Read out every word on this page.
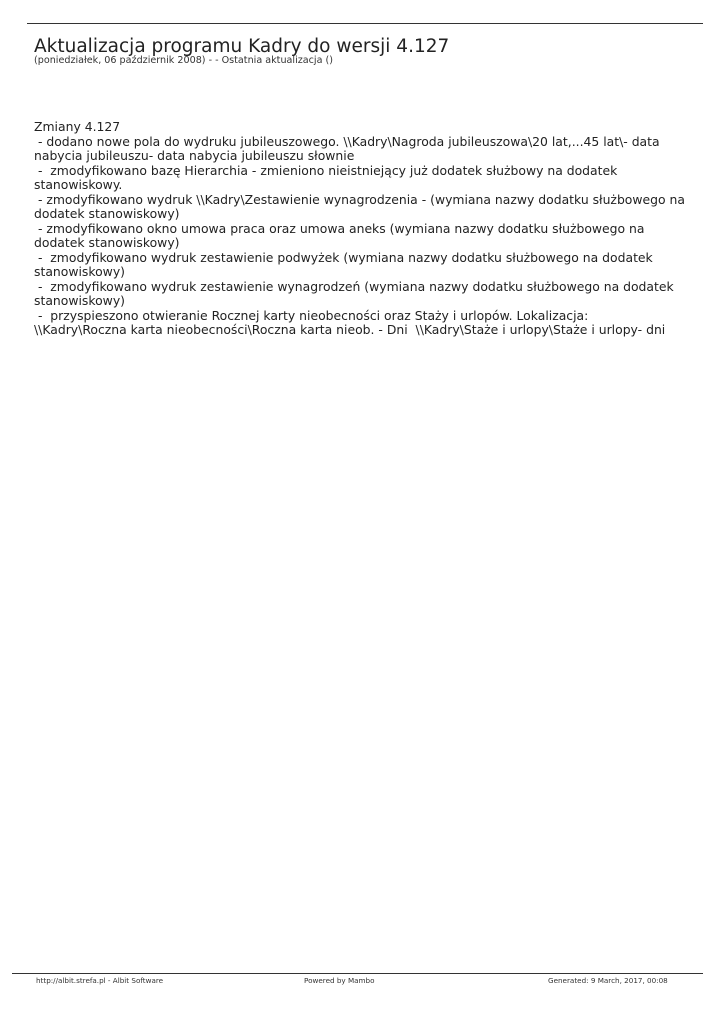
Aktualizacja programu Kadry do wersji 4.127
(poniedziałek, 06 październik 2008) - - Ostatnia aktualizacja ()
Zmiany 4.127
- dodano nowe pola do wydruku jubileuszowego. \\Kadry\Nagroda jubileuszowa\20 lat,...45 lat\- data
nabycia jubileuszu- data nabycia jubileuszu słownie
-  zmodyfikowano bazę Hierarchia - zmieniono nieistniejący już dodatek służbowy na dodatek
stanowiskowy.
- zmodyfikowano wydruk \\Kadry\Zestawienie wynagrodzenia - (wymiana nazwy dodatku służbowego na
dodatek stanowiskowy)
- zmodyfikowano okno umowa praca oraz umowa aneks (wymiana nazwy dodatku służbowego na
dodatek stanowiskowy)
-  zmodyfikowano wydruk zestawienie podwyżek (wymiana nazwy dodatku służbowego na dodatek
stanowiskowy)
-  zmodyfikowano wydruk zestawienie wynagrodzeń (wymiana nazwy dodatku służbowego na dodatek
stanowiskowy)
-  przyspieszono otwieranie Rocznej karty nieobecności oraz Stażу i urlopów. Lokalizacja:
\\Kadry\Roczna karta nieobecności\Roczna karta nieob. - Dni  \\Kadry\Staże i urlopy\Staże i urlopy- dni
http://albit.strefa.pl - Albit Software	Powered by Mambo	Generated: 9 March, 2017, 00:08
